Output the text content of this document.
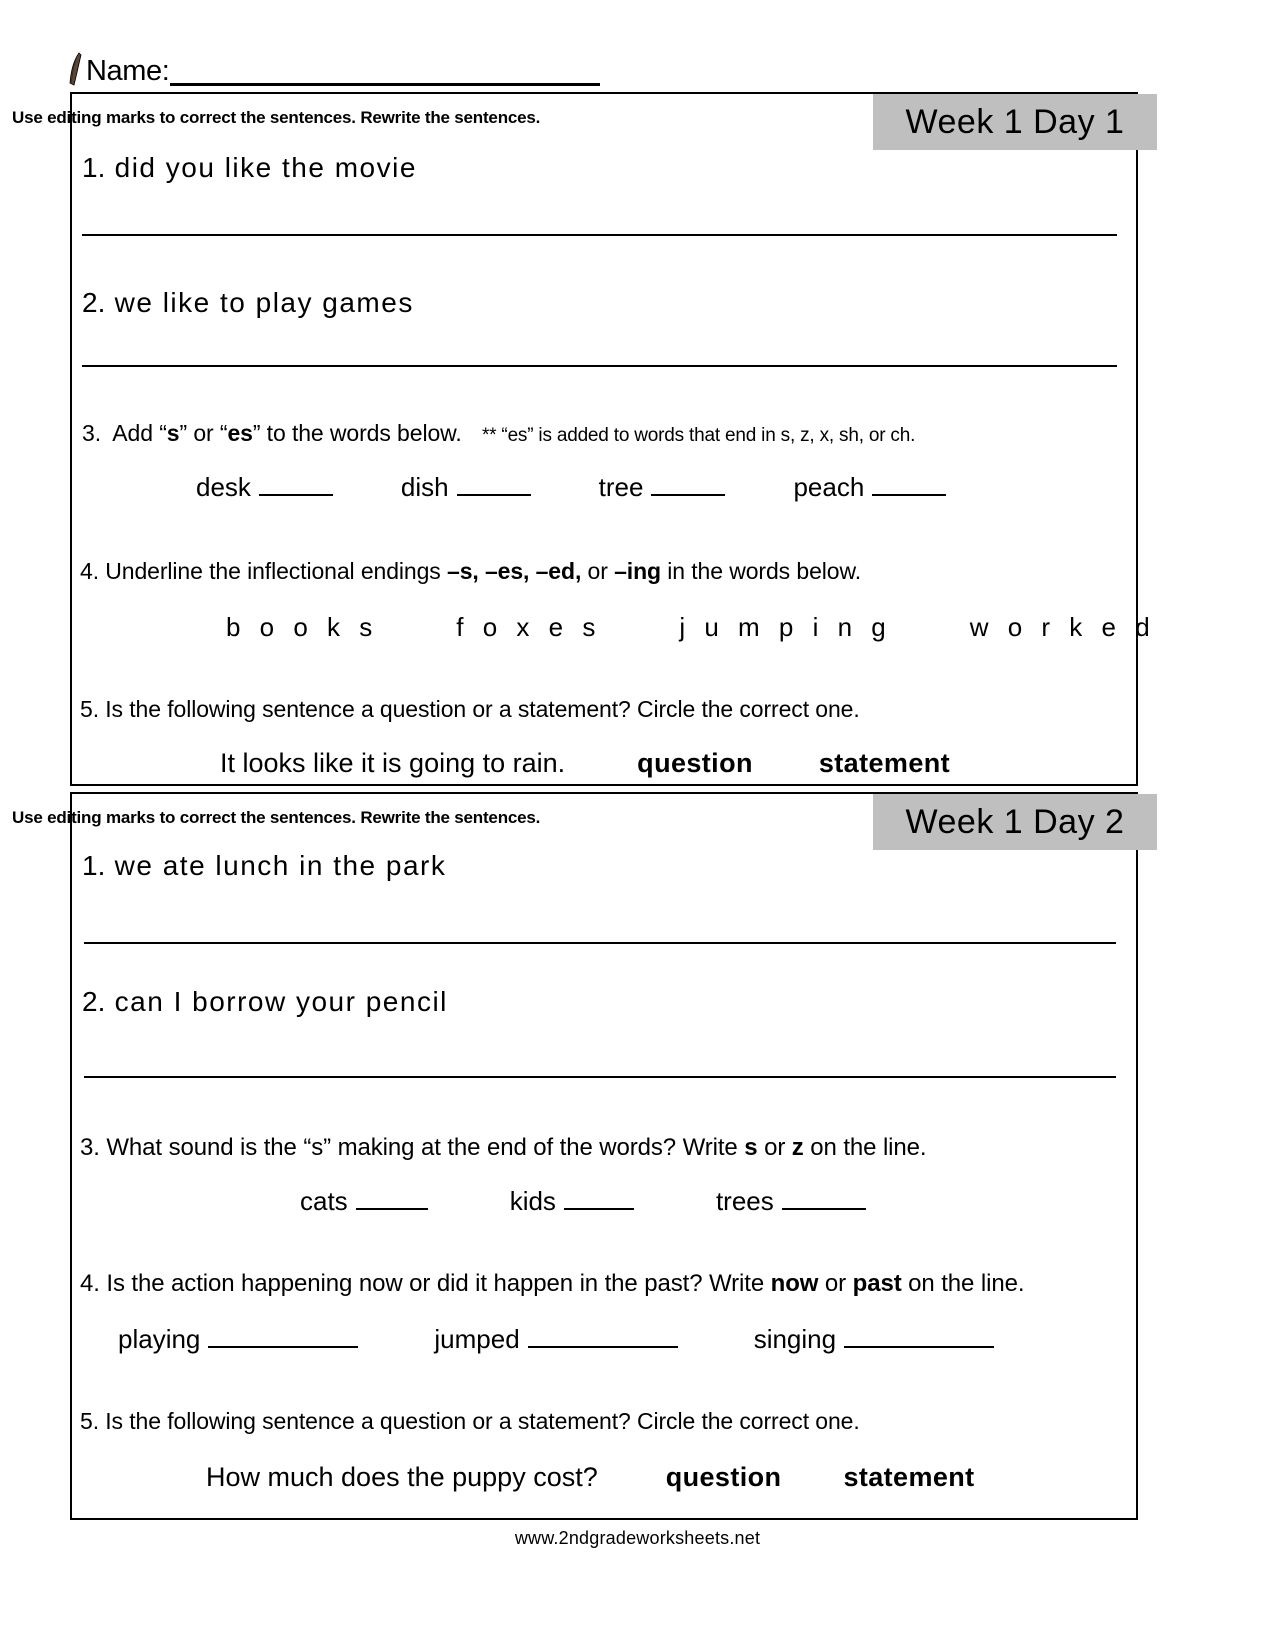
Name:
Week 1 Day 1
Use editing marks to correct the sentences. Rewrite the sentences.
1. did you like the movie
2. we like to play games
3.  Add “s” or “es” to the words below. ** “es” is added to words that end in s, z, x, sh, or ch.
desk	dish	tree	peach
4. Underline the inflectional endings –s, –es, –ed, or –ing in the words below.
b o o k s	f o x e s	j u m p i n g	w o r k e d
5. Is the following sentence a question or a statement? Circle the correct one.
It looks like it is going to rain.	question statement
Week 1 Day 2
Use editing marks to correct the sentences. Rewrite the sentences.
1. we ate lunch in the park
2. can I borrow your pencil
3. What sound is the “s” making at the end of the words? Write s or z on the line.
cats	kids	trees
4. Is the action happening now or did it happen in the past? Write now or past on the line.
playing	jumped	singing
5. Is the following sentence a question or a statement? Circle the correct one.
How much does the puppy cost?	question statement
www.2ndgradeworksheets.net
